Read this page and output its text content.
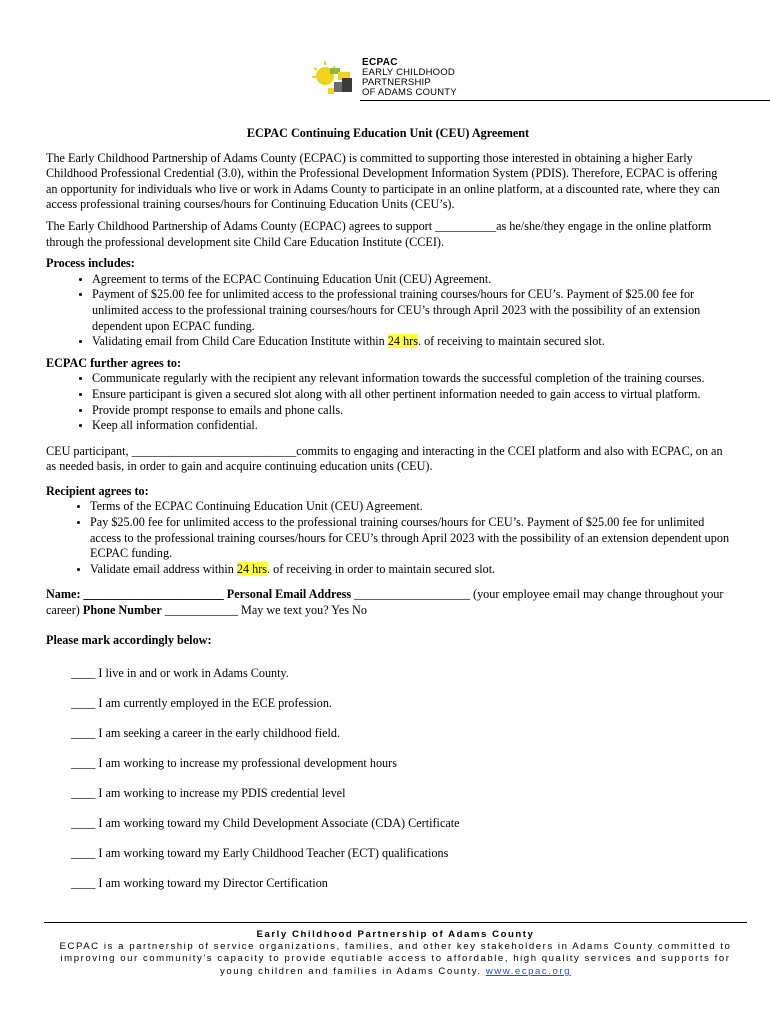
ECPAC
EARLY CHILDHOOD
PARTNERSHIP
OF ADAMS COUNTY
ECPAC Continuing Education Unit (CEU) Agreement

The Early Childhood Partnership of Adams County (ECPAC) is committed to supporting those interested in obtaining a higher Early Childhood Professional Credential (3.0), within the Professional Development Information System (PDIS). Therefore, ECPAC is offering an opportunity for individuals who live or work in Adams County to participate in an online platform, at a discounted rate, where they can access professional training courses/hours for Continuing Education Units (CEU’s).

The Early Childhood Partnership of Adams County (ECPAC) agrees to support __________as he/she/they engage in the online platform through the professional development site Child Care Education Institute (CCEI).

Process includes:
• Agreement to terms of the ECPAC Continuing Education Unit (CEU) Agreement.
• Payment of $25.00 fee for unlimited access to the professional training courses/hours for CEU’s. Payment of $25.00 fee for unlimited access to the professional training courses/hours for CEU’s through April 2023 with the possibility of an extension dependent upon ECPAC funding.
• Validating email from Child Care Education Institute within 24 hrs. of receiving to maintain secured slot.
ECPAC further agrees to:
• Communicate regularly with the recipient any relevant information towards the successful completion of the training courses.
• Ensure participant is given a secured slot along with all other pertinent information needed to gain access to virtual platform.
• Provide prompt response to emails and phone calls.
• Keep all information confidential.

CEU participant, ___________________________commits to engaging and interacting in the CCEI platform and also with ECPAC, on an as needed basis, in order to gain and acquire continuing education units (CEU).

Recipient agrees to:
• Terms of the ECPAC Continuing Education Unit (CEU) Agreement.
• Pay $25.00 fee for unlimited access to the professional training courses/hours for CEU’s. Payment of $25.00 fee for unlimited access to the professional training courses/hours for CEU’s through April 2023 with the possibility of an extension dependent upon ECPAC funding.
• Validate email address within 24 hrs. of receiving in order to maintain secured slot.

Name: _______________________ Personal Email Address ___________________ (your employee email may change throughout your career) Phone Number ____________ May we text you? Yes No

Please mark accordingly below:
____ I live in and or work in Adams County.
____ I am currently employed in the ECE profession.
____ I am seeking a career in the early childhood field.
____ I am working to increase my professional development hours
____ I am working to increase my PDIS credential level
____ I am working toward my Child Development Associate (CDA) Certificate
____ I am working toward my Early Childhood Teacher (ECT) qualifications
____ I am working toward my Director Certification
Early Childhood Partnership of Adams County
ECPAC is a partnership of service organizations, families, and other key stakeholders in Adams County committed to improving our community’s capacity to provide equtiable access to affordable, high quality services and supports for young children and families in Adams County. www.ecpac.org
